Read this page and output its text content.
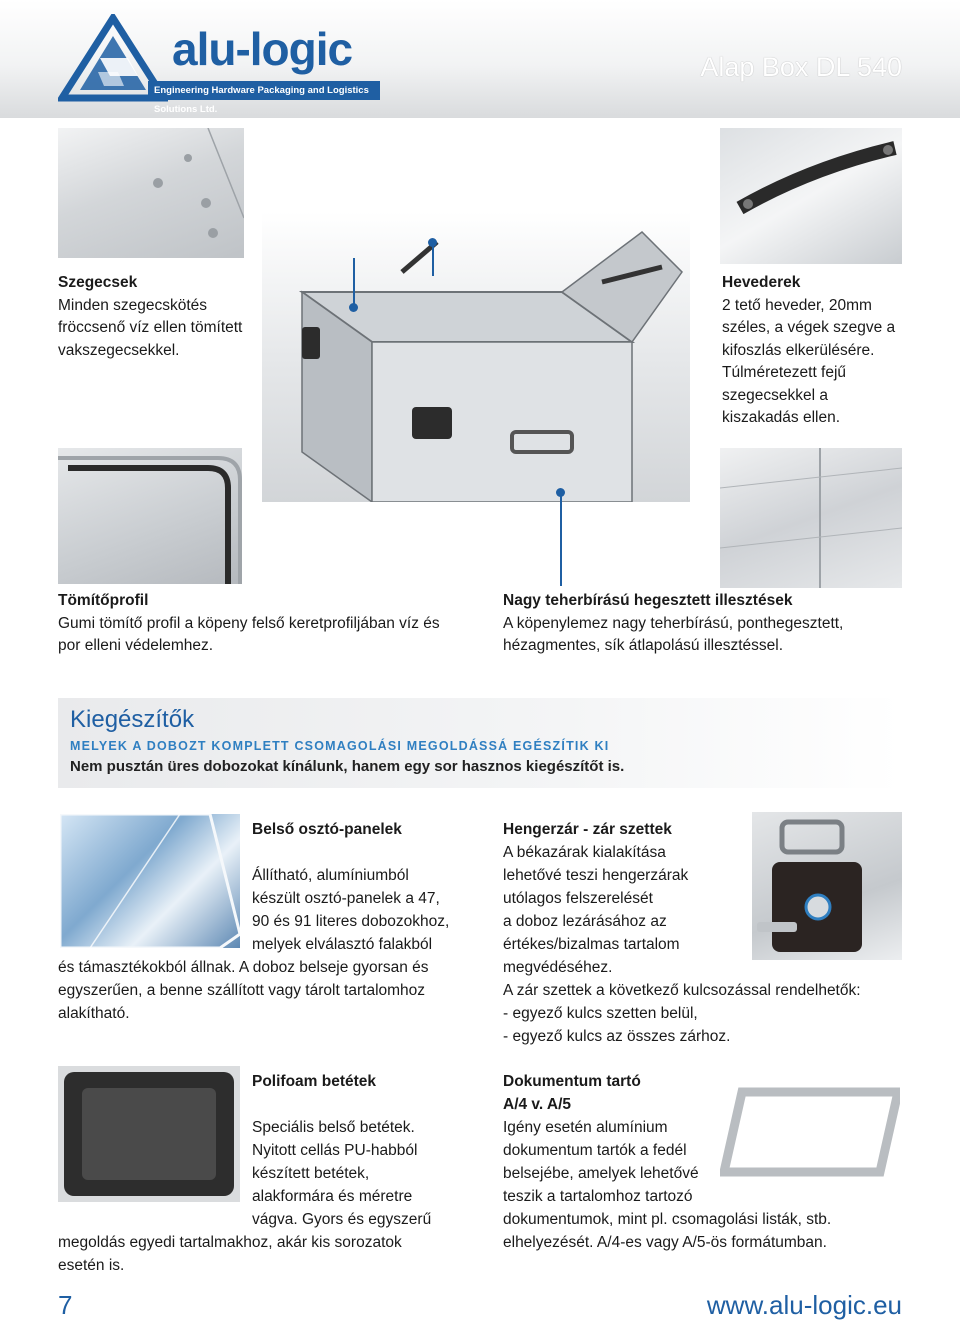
alu-logic
Engineering Hardware Packaging and Logistics Solutions Ltd.
Alap Box DL 540
Szegecsek
Minden szegecskötés fröccsenő víz ellen tömített vakszegecsekkel.
Hevederek
2 tető heveder, 20mm széles, a végek szegve a kifoszlás elkerülésére. Túlméretezett fejű szegecsekkel a kiszakadás ellen.
Tömítőprofil
Gumi tömítő profil a köpeny felső keretprofiljában víz és por elleni védelemhez.
Nagy teherbírású hegesztett illesztések
A köpenylemez nagy teherbírású, ponthegesztett, hézagmentes, sík átlapolású illesztéssel.
Kiegészítők
MELYEK A DOBOZT KOMPLETT CSOMAGOLÁSI MEGOLDÁSSÁ EGÉSZÍTIK KI
Nem pusztán üres dobozokat kínálunk, hanem egy sor hasznos kiegészítőt is.
Belső osztó-panelek
Állítható, alumíniumból
készült osztó-panelek a 47,
90 és 91 literes dobozokhoz,
melyek elválasztó falakból
és támasztékokból állnak. A doboz belseje gyorsan és
egyszerűen, a benne szállított vagy tárolt tartalomhoz
alakítható.
Hengerzár - zár szettek
A békazárak kialakítása
lehetővé teszi hengerzárak
utólagos felszerelését
a doboz lezárásához az
értékes/bizalmas tartalom
megvédéséhez.
A zár szettek a következő kulcsozással rendelhetők:
- egyező kulcs szetten belül,
- egyező kulcs az összes zárhoz.
Polifoam betétek
Speciális belső betétek.
Nyitott cellás PU-habból
készített betétek,
alakformára és méretre
vágva. Gyors és egyszerű
megoldás egyedi tartalmakhoz, akár kis sorozatok
esetén is.
Dokumentum tartó
A/4 v. A/5
Igény esetén alumínium
dokumentum tartók a fedél
belsejébe, amelyek lehetővé
teszik a tartalomhoz tartozó
dokumentumok, mint pl. csomagolási listák, stb.
elhelyezését. A/4-es vagy A/5-ös formátumban.
7	www.alu-logic.eu
